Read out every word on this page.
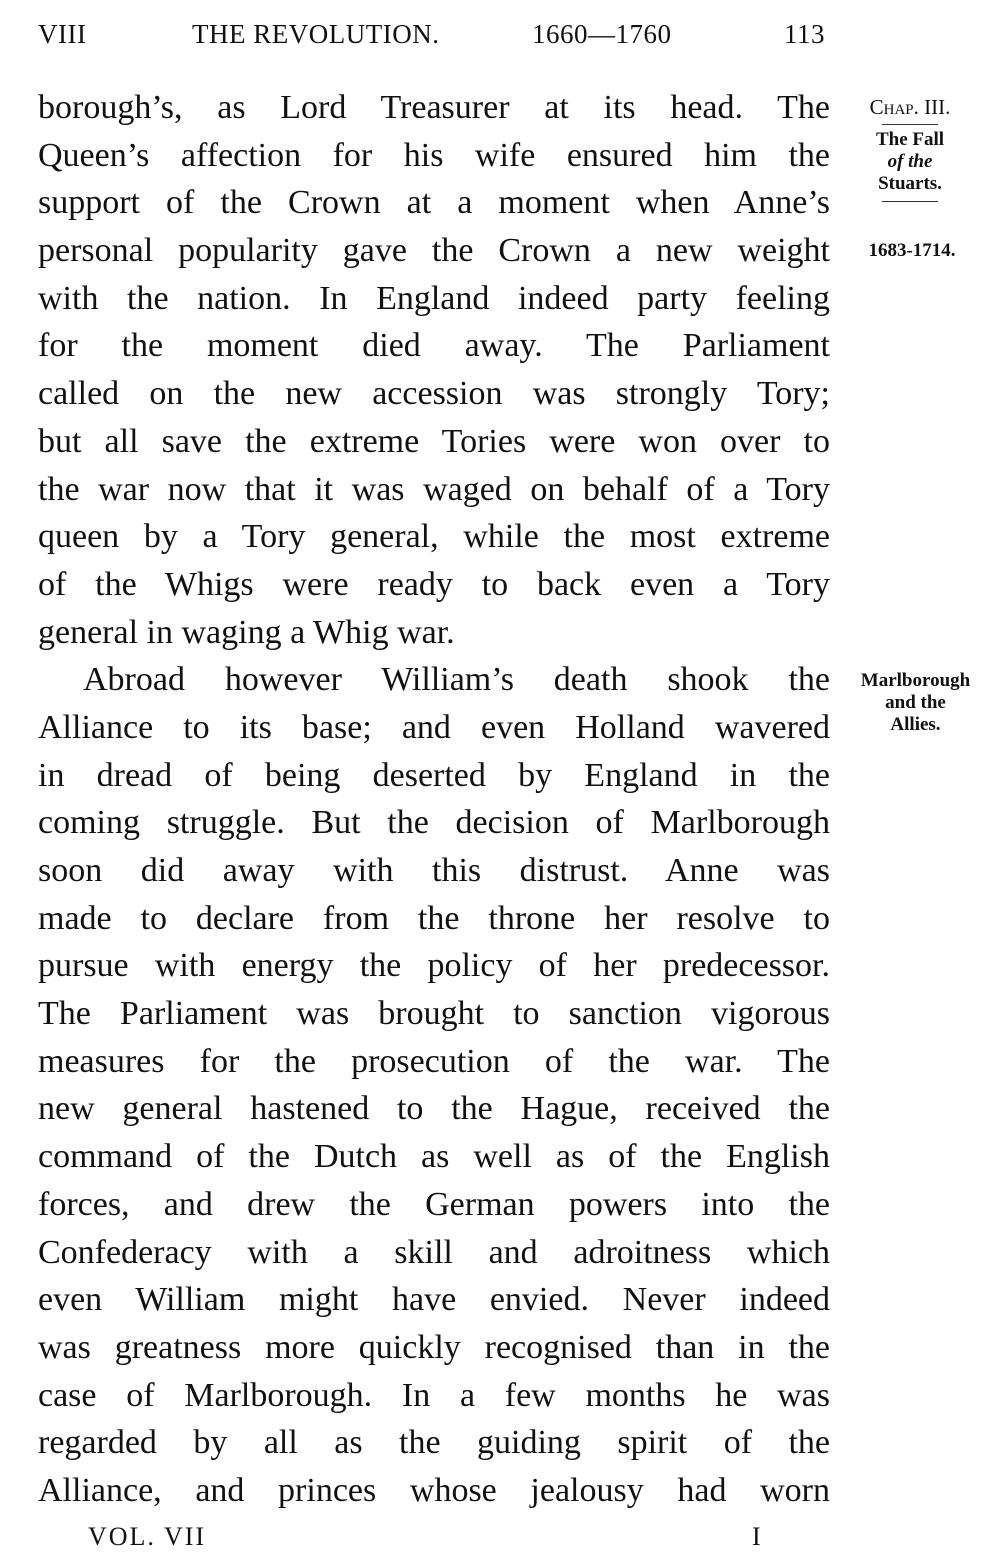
VIII	THE REVOLUTION.	1660—1760	113
Chap. III.
The Fall
of the
Stuarts.
1683-1714.
Marlborough
and the
Allies.
borough’s, as Lord Treasurer at its head. The
Queen’s affection for his wife ensured him the
support of the Crown at a moment when Anne’s
personal popularity gave the Crown a new weight
with the nation. In England indeed party feeling
for the moment died away. The Parliament
called on the new accession was strongly Tory;
but all save the extreme Tories were won over to
the war now that it was waged on behalf of a Tory
queen by a Tory general, while the most extreme
of the Whigs were ready to back even a Tory
general in waging a Whig war.
Abroad however William’s death shook the
Alliance to its base; and even Holland wavered
in dread of being deserted by England in the
coming struggle. But the decision of Marlborough
soon did away with this distrust. Anne was
made to declare from the throne her resolve to
pursue with energy the policy of her predecessor.
The Parliament was brought to sanction vigorous
measures for the prosecution of the war. The
new general hastened to the Hague, received the
command of the Dutch as well as of the English
forces, and drew the German powers into the
Confederacy with a skill and adroitness which
even William might have envied. Never indeed
was greatness more quickly recognised than in the
case of Marlborough. In a few months he was
regarded by all as the guiding spirit of the
Alliance, and princes whose jealousy had worn
VOL. VII	I
